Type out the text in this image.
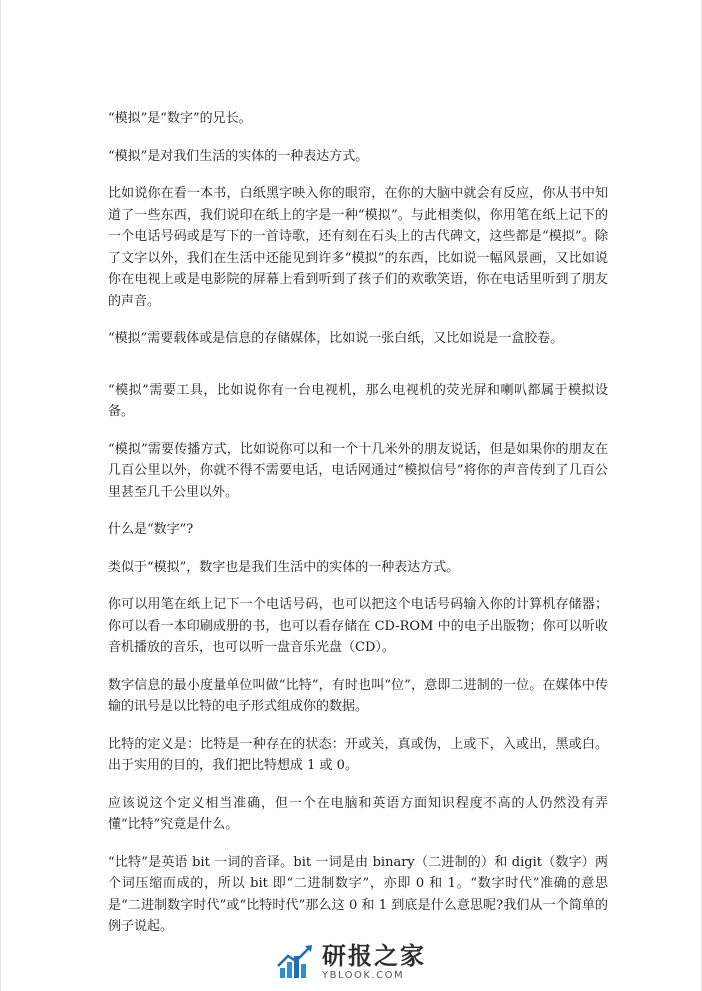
“模拟”是“数字”的兄长。

“模拟”是对我们生活的实体的一种表达方式。

比如说你在看一本书，白纸黑字映入你的眼帘，在你的大脑中就会有反应，你从书中知道了一些东西，我们说印在纸上的字是一种“模拟”。与此相类似，你用笔在纸上记下的一个电话号码或是写下的一首诗歌，还有刻在石头上的古代碑文，这些都是“模拟”。除了文字以外，我们在生活中还能见到许多“模拟”的东西，比如说一幅风景画，又比如说你在电视上或是电影院的屏幕上看到听到了孩子们的欢歌笑语，你在电话里听到了朋友的声音。

“模拟”需要载体或是信息的存储媒体，比如说一张白纸，又比如说是一盒胶卷。

“模拟”需要工具，比如说你有一台电视机，那么电视机的荧光屏和喇叭都属于模拟设备。

“模拟”需要传播方式，比如说你可以和一个十几米外的朋友说话，但是如果你的朋友在几百公里以外，你就不得不需要电话，电话网通过“模拟信号”将你的声音传到了几百公里甚至几千公里以外。

什么是“数字”?

类似于“模拟”，数字也是我们生活中的实体的一种表达方式。

你可以用笔在纸上记下一个电话号码，也可以把这个电话号码输入你的计算机存储器；你可以看一本印刷成册的书，也可以看存储在 CD-ROM 中的电子出版物；你可以听收音机播放的音乐，也可以听一盘音乐光盘（CD）。

数字信息的最小度量单位叫做“比特”，有时也叫“位”，意即二进制的一位。在媒体中传输的讯号是以比特的电子形式组成你的数据。

比特的定义是：比特是一种存在的状态：开或关，真或伪，上或下，入或出，黑或白。出于实用的目的，我们把比特想成 1 或 0。

应该说这个定义相当准确，但一个在电脑和英语方面知识程度不高的人仍然没有弄懂“比特”究竟是什么。

“比特”是英语 bit 一词的音译。bit 一词是由 binary（二进制的）和 digit（数字）两个词压缩而成的，所以 bit 即“二进制数字”，亦即 0 和 1。“数字时代”准确的意思是“二进制数字时代”或“比特时代”那么这 0 和 1 到底是什么意思呢?我们从一个简单的例子说起。

研报之家
YBLOOK.COM
